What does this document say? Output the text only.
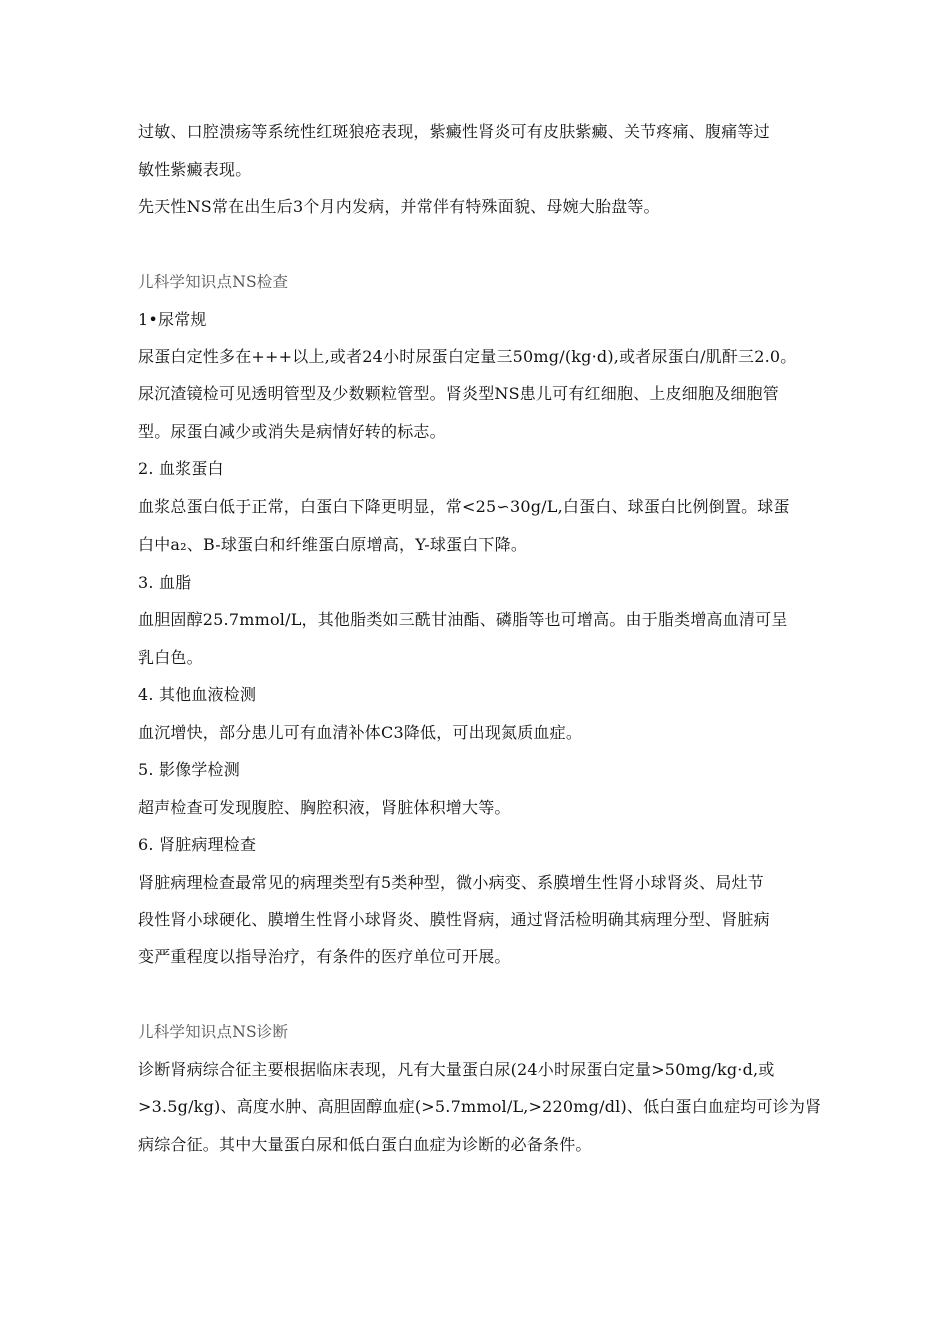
过敏、口腔溃疡等系统性红斑狼疮表现，紫癜性肾炎可有皮肤紫癜、关节疼痛、腹痛等过
敏性紫癜表现。
先天性NS常在出生后3个月内发病，并常伴有特殊面貌、母婉大胎盘等。
儿科学知识点NS检查
1•尿常规
尿蛋白定性多在+++以上,或者24小时尿蛋白定量三50mg/(kg·d),或者尿蛋白/肌酐三2.0。
尿沉渣镜检可见透明管型及少数颗粒管型。肾炎型NS患儿可有红细胞、上皮细胞及细胞管
型。尿蛋白减少或消失是病情好转的标志。
2. 血浆蛋白
血浆总蛋白低于正常，白蛋白下降更明显，常<25∽30g/L,白蛋白、球蛋白比例倒置。球蛋
白中a₂、B-球蛋白和纤维蛋白原增高，Y-球蛋白下降。
3. 血脂
血胆固醇25.7mmol/L，其他脂类如三酰甘油酯、磷脂等也可增高。由于脂类增高血清可呈
乳白色。
4. 其他血液检测
血沉增快，部分患儿可有血清补体C3降低，可出现氮质血症。
5. 影像学检测
超声检查可发现腹腔、胸腔积液，肾脏体积增大等。
6. 肾脏病理检查
肾脏病理检查最常见的病理类型有5类种型，微小病变、系膜增生性肾小球肾炎、局灶节
段性肾小球硬化、膜增生性肾小球肾炎、膜性肾病，通过肾活检明确其病理分型、肾脏病
变严重程度以指导治疗，有条件的医疗单位可开展。
儿科学知识点NS诊断
诊断肾病综合征主要根据临床表现，凡有大量蛋白尿(24小时尿蛋白定量>50mg/kg·d,或
>3.5g/kg)、高度水肿、高胆固醇血症(>5.7mmol/L,>220mg/dl)、低白蛋白血症均可诊为肾
病综合征。其中大量蛋白尿和低白蛋白血症为诊断的必备条件。
